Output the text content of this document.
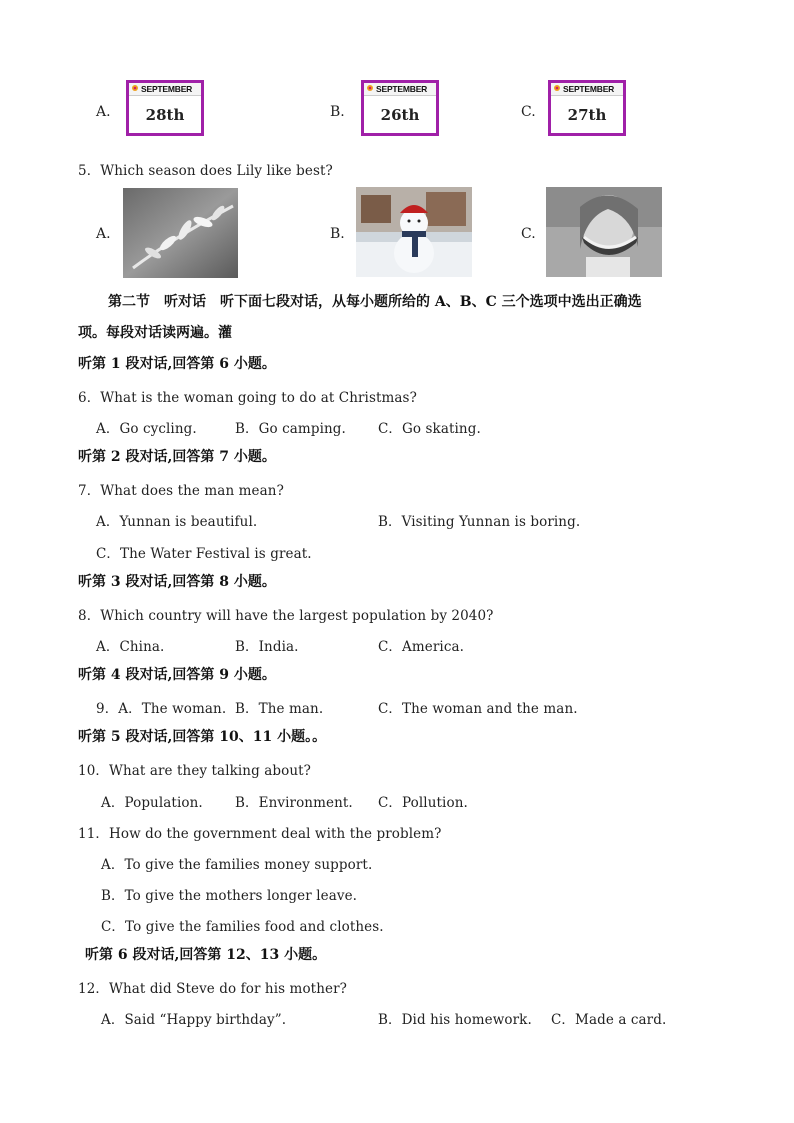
A.
SEPTEMBER
28th	B.
SEPTEMBER
26th	C.
SEPTEMBER
27th
5．Which season does Lily like best?
A.	B.	C.
第二节　听对话　听下面七段对话，从每小题所给的 A、B、C 三个选项中选出正确选
项。每段对话读两遍。灌
听第 1 段对话,回答第 6 小题。
6．What is the woman going to do at Christmas?
A．Go cycling.	B．Go camping. C．Go skating.
听第 2 段对话,回答第 7 小题。
7．What does the man mean?
A．Yunnan is beautiful.	B．Visiting Yunnan is boring.
C．The Water Festival is great.
听第 3 段对话,回答第 8 小题。
8．Which country will have the largest population by 2040?
A．China.	B．India.	C．America.
听第 4 段对话,回答第 9 小题。
9．A．The woman. B．The man.	C．The woman and the man.
听第 5 段对话,回答第 10、11 小题。。
10．What are they talking about?
A．Population. B．Environment. C．Pollution.
11．How do the government deal with the problem?
A．To give the families money support.
B．To give the mothers longer leave.
C．To give the families food and clothes.
听第 6 段对话,回答第 12、13 小题。
12．What did Steve do for his mother?
A．Said “Happy birthday”.	B．Did his homework. C．Made a card.
